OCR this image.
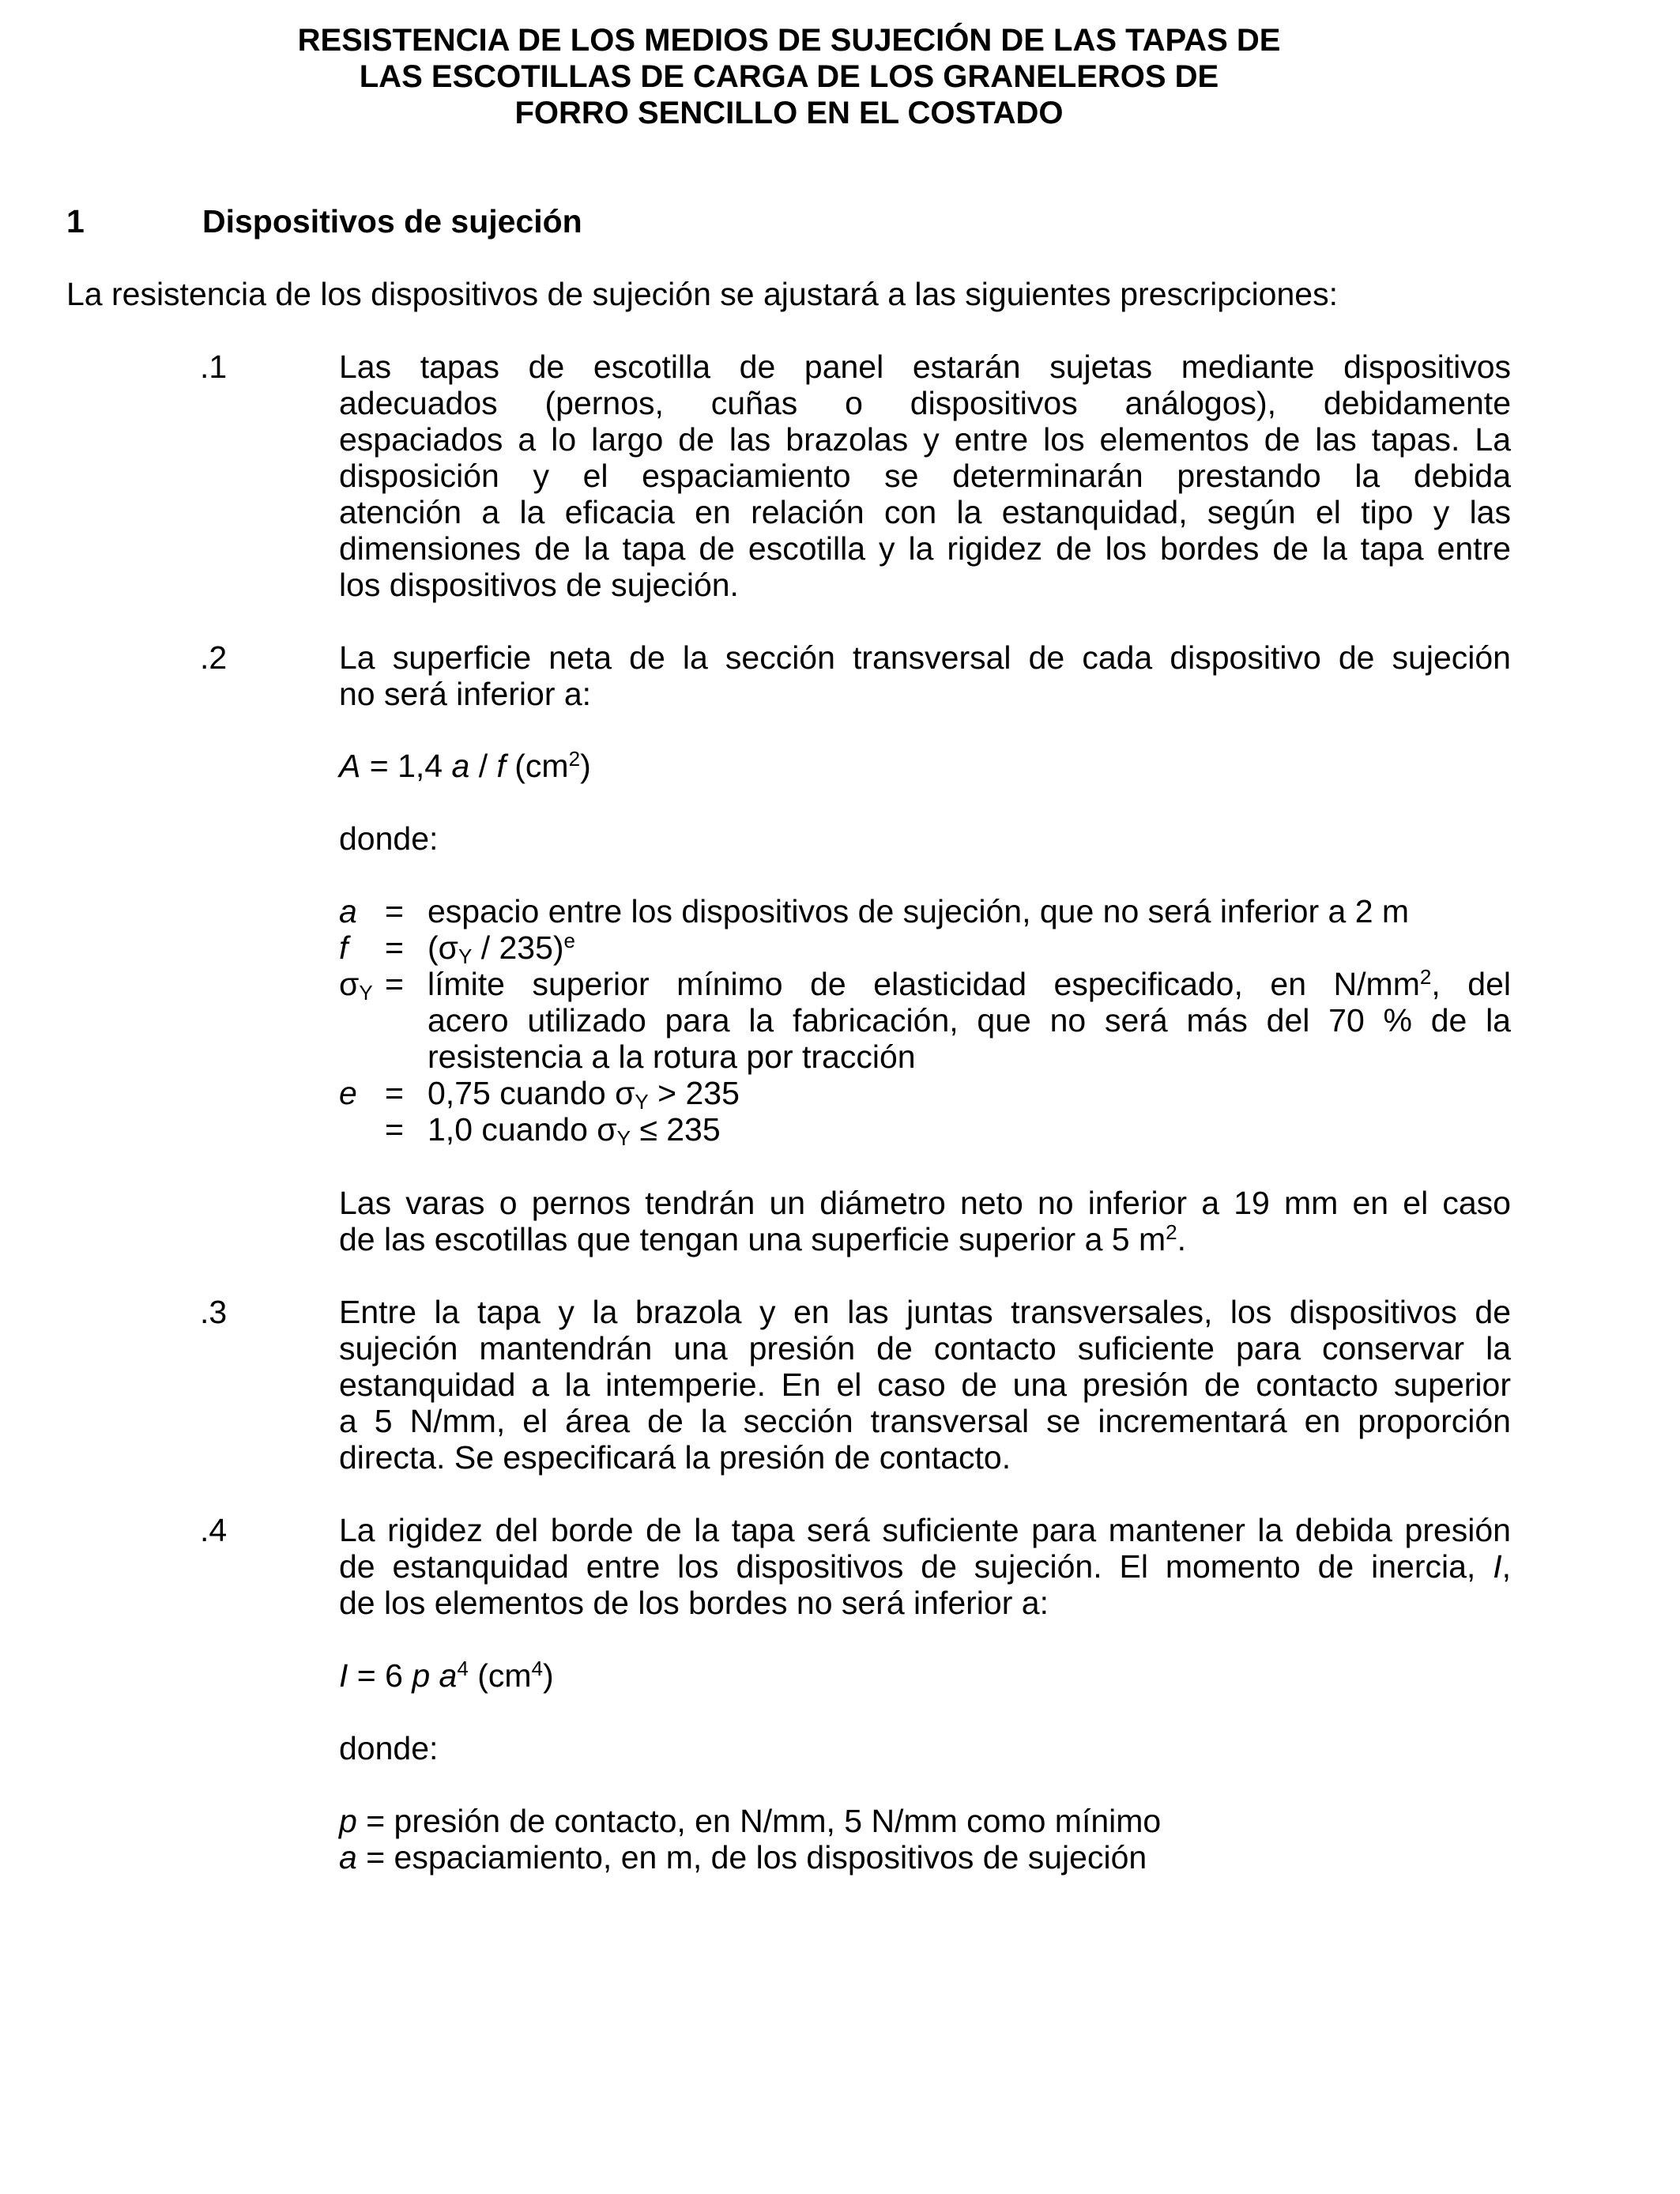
RESISTENCIA DE LOS MEDIOS DE SUJECIÓN DE LAS TAPAS DE
LAS ESCOTILLAS DE CARGA DE LOS GRANELEROS DE
FORRO SENCILLO EN EL COSTADO
1	Dispositivos de sujeción
La resistencia de los dispositivos de sujeción se ajustará a las siguientes prescripciones:
.1	Las tapas de escotilla de panel estarán sujetas mediante dispositivos
adecuados (pernos, cuñas o dispositivos análogos), debidamente
espaciados a lo largo de las brazolas y entre los elementos de las tapas. La
disposición y el espaciamiento se determinarán prestando la debida
atención a la eficacia en relación con la estanquidad, según el tipo y las
dimensiones de la tapa de escotilla y la rigidez de los bordes de la tapa entre
los dispositivos de sujeción.
.2	La superficie neta de la sección transversal de cada dispositivo de sujeción
no será inferior a:
A = 1,4 a / f $(cm^2)$
donde:
a = espacio entre los dispositivos de sujeción, que no será inferior a 2 m
$f = (\sigma_Y / 235)^e$
$\sigma_Y$ = límite superior mínimo de elasticidad especificado, en $N/mm^2$, del
acero utilizado para la fabricación, que no será más del 70 % de la
resistencia a la rotura por tracción
e = 0,75 cuando $\sigma_Y > 235$
= 1,0 cuando $\sigma_Y \le 235$
Las varas o pernos tendrán un diámetro neto no inferior a 19 mm en el caso
de las escotillas que tengan una superficie superior a 5 $m^2$.
.3	Entre la tapa y la brazola y en las juntas transversales, los dispositivos de
sujeción mantendrán una presión de contacto suficiente para conservar la
estanquidad a la intemperie. En el caso de una presión de contacto superior
a 5 N/mm, el área de la sección transversal se incrementará en proporción
directa. Se especificará la presión de contacto.
.4	La rigidez del borde de la tapa será suficiente para mantener la debida presión
de estanquidad entre los dispositivos de sujeción. El momento de inercia, I,
de los elementos de los bordes no será inferior a:
I = 6 p $a^4$ $(cm^4)$
donde:
p = presión de contacto, en N/mm, 5 N/mm como mínimo
a = espaciamiento, en m, de los dispositivos de sujeción
